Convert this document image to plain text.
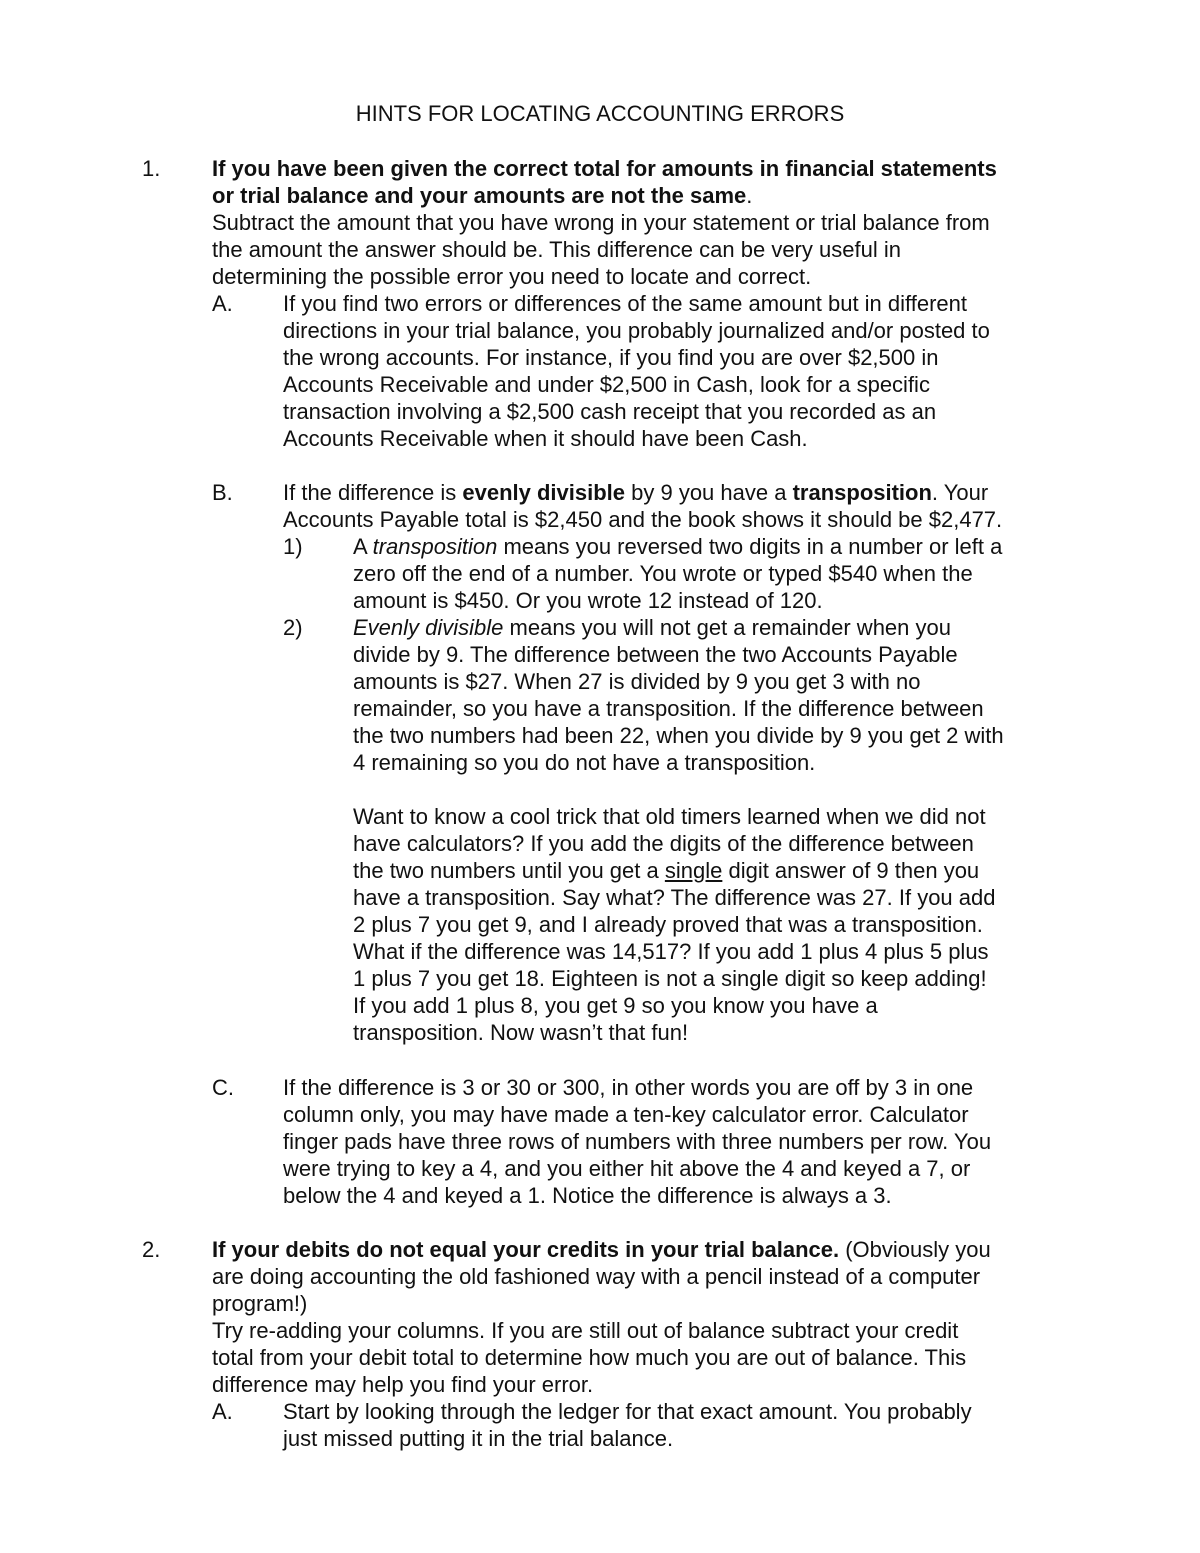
HINTS FOR LOCATING ACCOUNTING ERRORS
1. If you have been given the correct total for amounts in financial statements
or trial balance and your amounts are not the same.
Subtract the amount that you have wrong in your statement or trial balance from
the amount the answer should be. This difference can be very useful in
determining the possible error you need to locate and correct.
A. If you find two errors or differences of the same amount but in different
directions in your trial balance, you probably journalized and/or posted to
the wrong accounts. For instance, if you find you are over $2,500 in
Accounts Receivable and under $2,500 in Cash, look for a specific
transaction involving a $2,500 cash receipt that you recorded as an
Accounts Receivable when it should have been Cash.
B. If the difference is evenly divisible by 9 you have a transposition. Your
Accounts Payable total is $2,450 and the book shows it should be $2,477.
1) A transposition means you reversed two digits in a number or left a
zero off the end of a number. You wrote or typed $540 when the
amount is $450. Or you wrote 12 instead of 120.
2) Evenly divisible means you will not get a remainder when you
divide by 9. The difference between the two Accounts Payable
amounts is $27. When 27 is divided by 9 you get 3 with no
remainder, so you have a transposition. If the difference between
the two numbers had been 22, when you divide by 9 you get 2 with
4 remaining so you do not have a transposition.
Want to know a cool trick that old timers learned when we did not
have calculators? If you add the digits of the difference between
the two numbers until you get a single digit answer of 9 then you
have a transposition. Say what? The difference was 27. If you add
2 plus 7 you get 9, and I already proved that was a transposition.
What if the difference was 14,517? If you add 1 plus 4 plus 5 plus
1 plus 7 you get 18. Eighteen is not a single digit so keep adding!
If you add 1 plus 8, you get 9 so you know you have a
transposition. Now wasn’t that fun!
C. If the difference is 3 or 30 or 300, in other words you are off by 3 in one
column only, you may have made a ten-key calculator error. Calculator
finger pads have three rows of numbers with three numbers per row. You
were trying to key a 4, and you either hit above the 4 and keyed a 7, or
below the 4 and keyed a 1. Notice the difference is always a 3.
2. If your debits do not equal your credits in your trial balance. (Obviously you
are doing accounting the old fashioned way with a pencil instead of a computer
program!)
Try re-adding your columns. If you are still out of balance subtract your credit
total from your debit total to determine how much you are out of balance. This
difference may help you find your error.
A. Start by looking through the ledger for that exact amount. You probably
just missed putting it in the trial balance.
